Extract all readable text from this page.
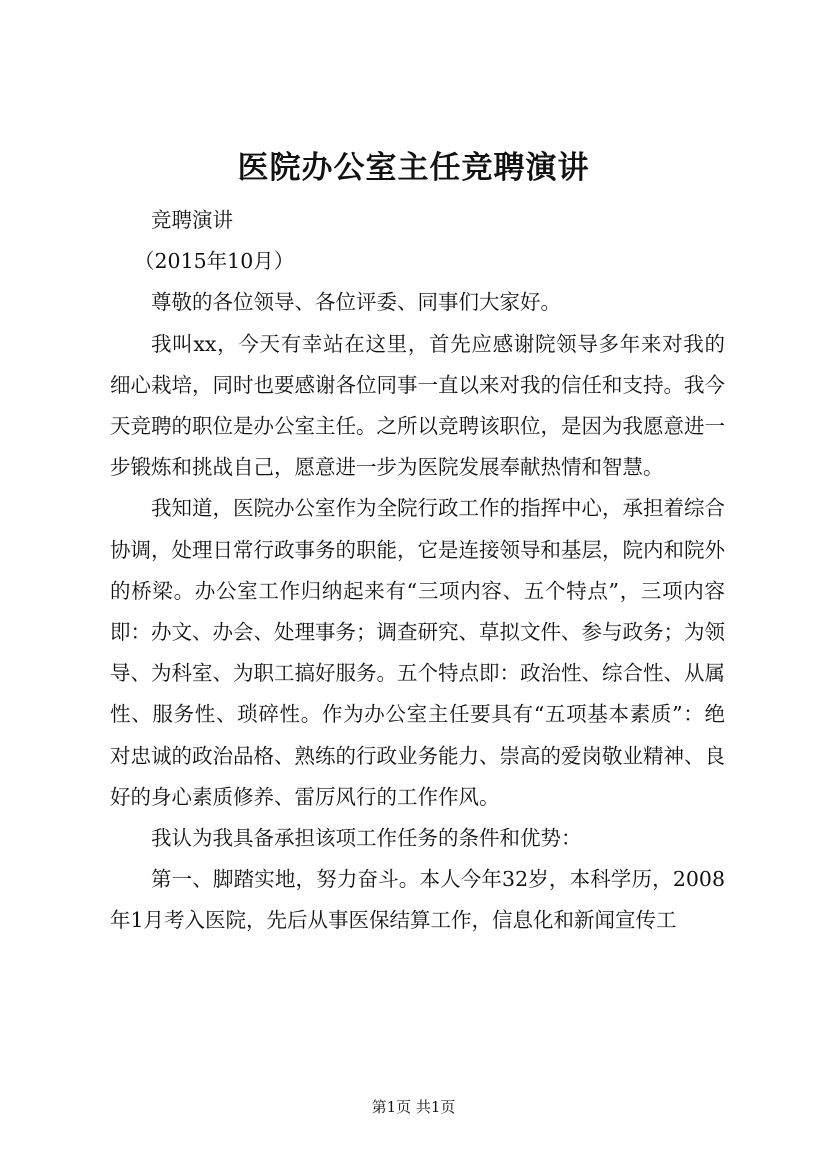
医院办公室主任竞聘演讲

竞聘演讲

（2015年10月）

尊敬的各位领导、各位评委、同事们大家好。

我叫xx，今天有幸站在这里，首先应感谢院领导多年来对我的细心栽培，同时也要感谢各位同事一直以来对我的信任和支持。我今天竞聘的职位是办公室主任。之所以竞聘该职位，是因为我愿意进一步锻炼和挑战自己，愿意进一步为医院发展奉献热情和智慧。

我知道，医院办公室作为全院行政工作的指挥中心，承担着综合协调，处理日常行政事务的职能，它是连接领导和基层，院内和院外的桥梁。办公室工作归纳起来有“三项内容、五个特点”，三项内容即：办文、办会、处理事务；调查研究、草拟文件、参与政务；为领导、为科室、为职工搞好服务。五个特点即：政治性、综合性、从属性、服务性、琐碎性。作为办公室主任要具有“五项基本素质”：绝对忠诚的政治品格、熟练的行政业务能力、崇高的爱岗敬业精神、良好的身心素质修养、雷厉风行的工作作风。

我认为我具备承担该项工作任务的条件和优势：

第一、脚踏实地，努力奋斗。本人今年32岁，本科学历，2008年1月考入医院，先后从事医保结算工作，信息化和新闻宣传工

第1页 共1页
